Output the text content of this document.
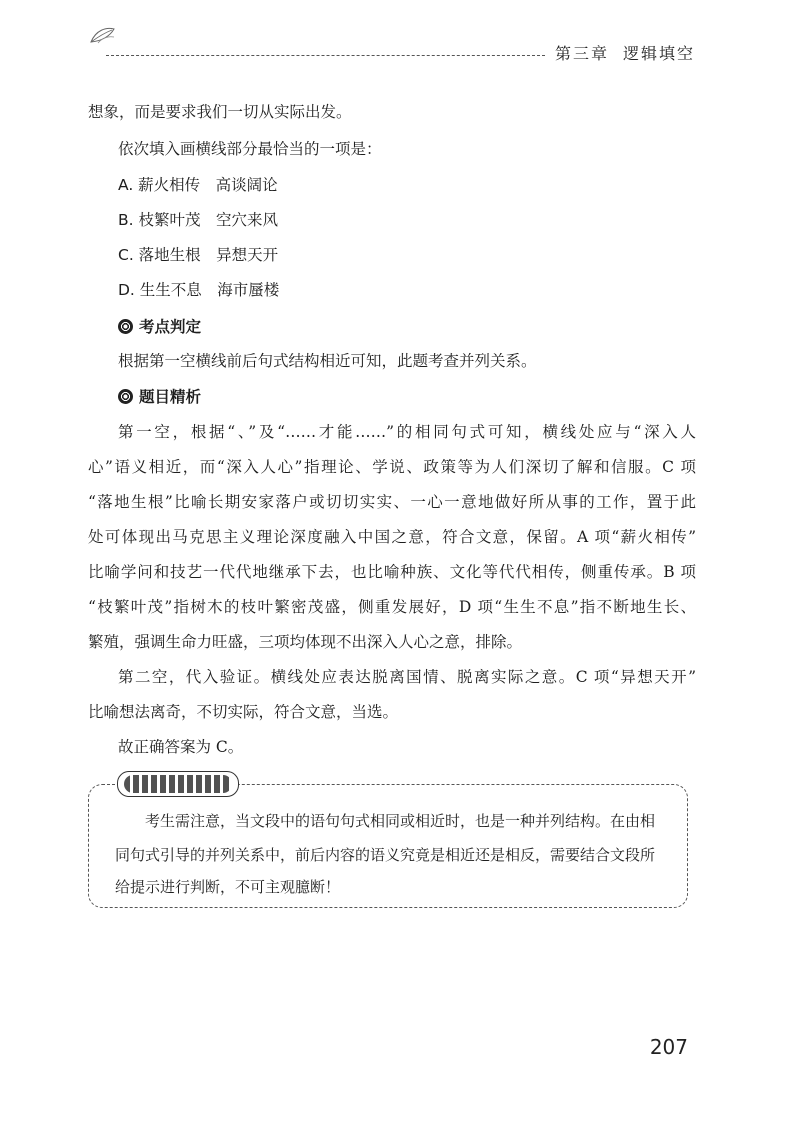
第三章 逻辑填空
想象，而是要求我们一切从实际出发。
依次填入画横线部分最恰当的一项是：
A. 薪火相传　高谈阔论
B. 枝繁叶茂　空穴来风
C. 落地生根　异想天开
D. 生生不息　海市蜃楼
考点判定
根据第一空横线前后句式结构相近可知，此题考查并列关系。
题目精析
第一空，根据“、”及“……才能……”的相同句式可知，横线处应与“深入人
心”语义相近，而“深入人心”指理论、学说、政策等为人们深切了解和信服。C 项
“落地生根”比喻长期安家落户或切切实实、一心一意地做好所从事的工作，置于此
处可体现出马克思主义理论深度融入中国之意，符合文意，保留。A 项“薪火相传”
比喻学问和技艺一代代地继承下去，也比喻种族、文化等代代相传，侧重传承。B 项
“枝繁叶茂”指树木的枝叶繁密茂盛，侧重发展好，D 项“生生不息”指不断地生长、
繁殖，强调生命力旺盛，三项均体现不出深入人心之意，排除。
第二空，代入验证。横线处应表达脱离国情、脱离实际之意。C 项“异想天开”
比喻想法离奇，不切实际，符合文意，当选。
故正确答案为 C。
考生需注意，当文段中的语句句式相同或相近时，也是一种并列结构。在由相
同句式引导的并列关系中，前后内容的语义究竟是相近还是相反，需要结合文段所
给提示进行判断，不可主观臆断！
207
